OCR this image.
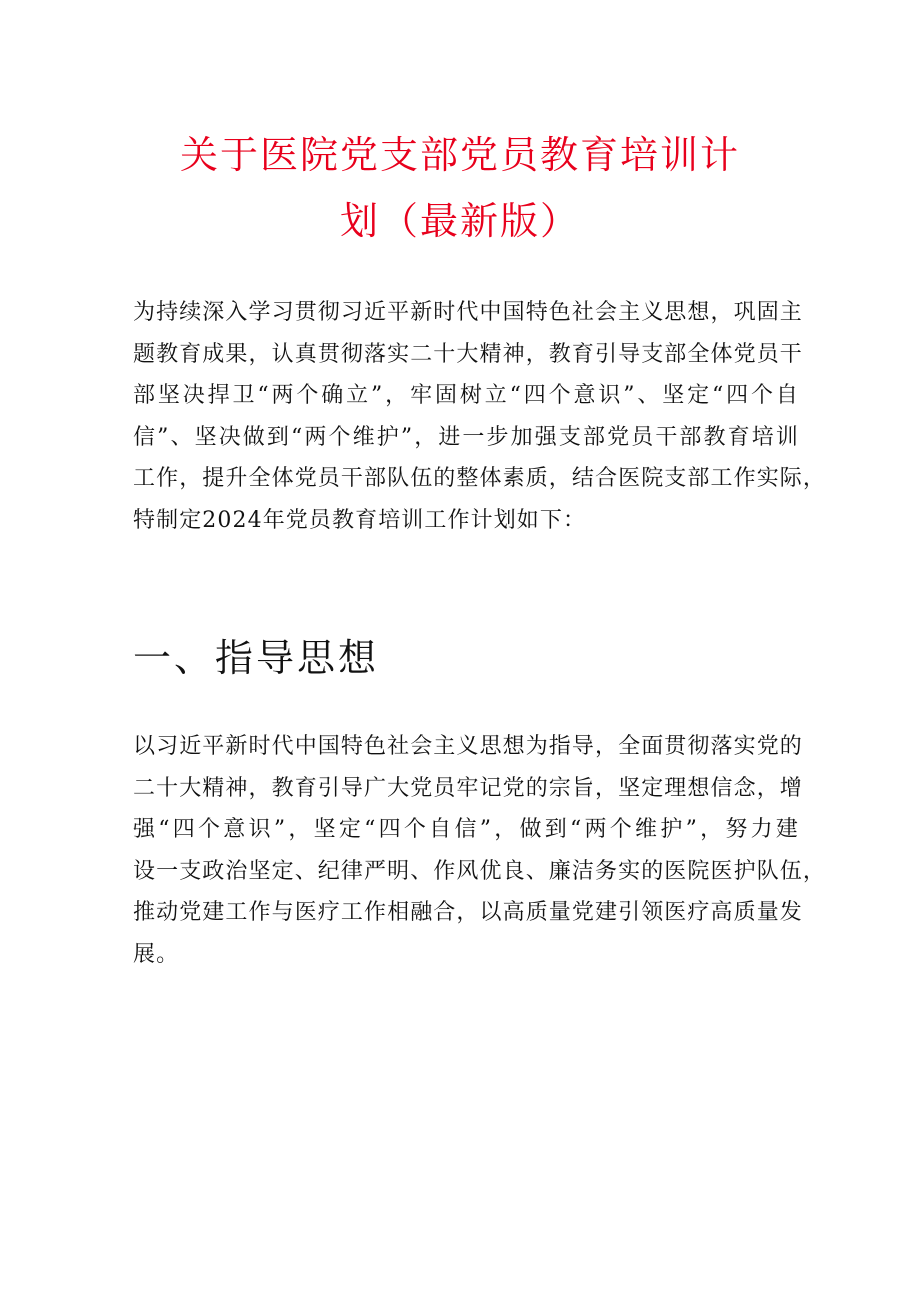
关于医院党支部党员教育培训计
划（最新版）

为持续深入学习贯彻习近平新时代中国特色社会主义思想，巩固主
题教育成果，认真贯彻落实二十大精神，教育引导支部全体党员干
部坚决捍卫“两个确立”，牢固树立“四个意识”、坚定“四个自
信”、坚决做到“两个维护”，进一步加强支部党员干部教育培训
工作，提升全体党员干部队伍的整体素质，结合医院支部工作实际，
特制定2024年党员教育培训工作计划如下：

一、指导思想

以习近平新时代中国特色社会主义思想为指导，全面贯彻落实党的
二十大精神，教育引导广大党员牢记党的宗旨，坚定理想信念，增
强“四个意识”，坚定“四个自信”，做到“两个维护”，努力建
设一支政治坚定、纪律严明、作风优良、廉洁务实的医院医护队伍，
推动党建工作与医疗工作相融合，以高质量党建引领医疗高质量发
展。
